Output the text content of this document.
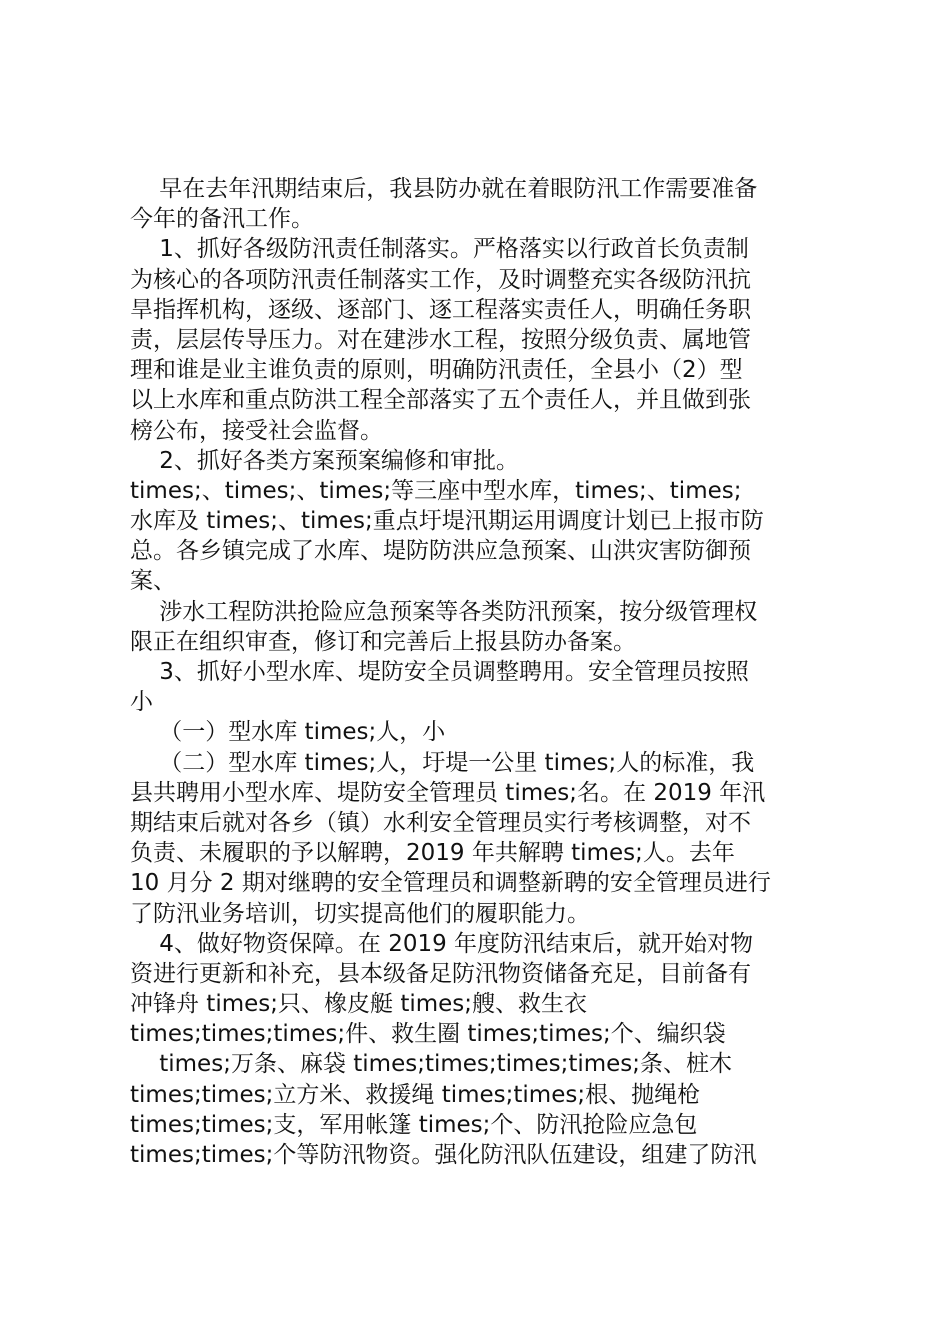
早在去年汛期结束后，我县防办就在着眼防汛工作需要准备
今年的备汛工作。
1、抓好各级防汛责任制落实。严格落实以行政首长负责制
为核心的各项防汛责任制落实工作，及时调整充实各级防汛抗
旱指挥机构，逐级、逐部门、逐工程落实责任人，明确任务职
责，层层传导压力。对在建涉水工程，按照分级负责、属地管
理和谁是业主谁负责的原则，明确防汛责任，全县小（2）型
以上水库和重点防洪工程全部落实了五个责任人，并且做到张
榜公布，接受社会监督。
2、抓好各类方案预案编修和审批。
times;、times;、times;等三座中型水库，times;、times;
水库及 times;、times;重点圩堤汛期运用调度计划已上报市防
总。各乡镇完成了水库、堤防防洪应急预案、山洪灾害防御预
案、
涉水工程防洪抢险应急预案等各类防汛预案，按分级管理权
限正在组织审查，修订和完善后上报县防办备案。
3、抓好小型水库、堤防安全员调整聘用。安全管理员按照
小
（一）型水库 times;人，小
（二）型水库 times;人，圩堤一公里 times;人的标准，我
县共聘用小型水库、堤防安全管理员 times;名。在 2019 年汛
期结束后就对各乡（镇）水利安全管理员实行考核调整，对不
负责、未履职的予以解聘，2019 年共解聘 times;人。去年
10 月分 2 期对继聘的安全管理员和调整新聘的安全管理员进行
了防汛业务培训，切实提高他们的履职能力。
4、做好物资保障。在 2019 年度防汛结束后，就开始对物
资进行更新和补充，县本级备足防汛物资储备充足，目前备有
冲锋舟 times;只、橡皮艇 times;艘、救生衣
times;times;times;件、救生圈 times;times;个、编织袋
times;万条、麻袋 times;times;times;times;条、桩木
times;times;立方米、救援绳 times;times;根、抛绳枪
times;times;支，军用帐篷 times;个、防汛抢险应急包
times;times;个等防汛物资。强化防汛队伍建设，组建了防汛
